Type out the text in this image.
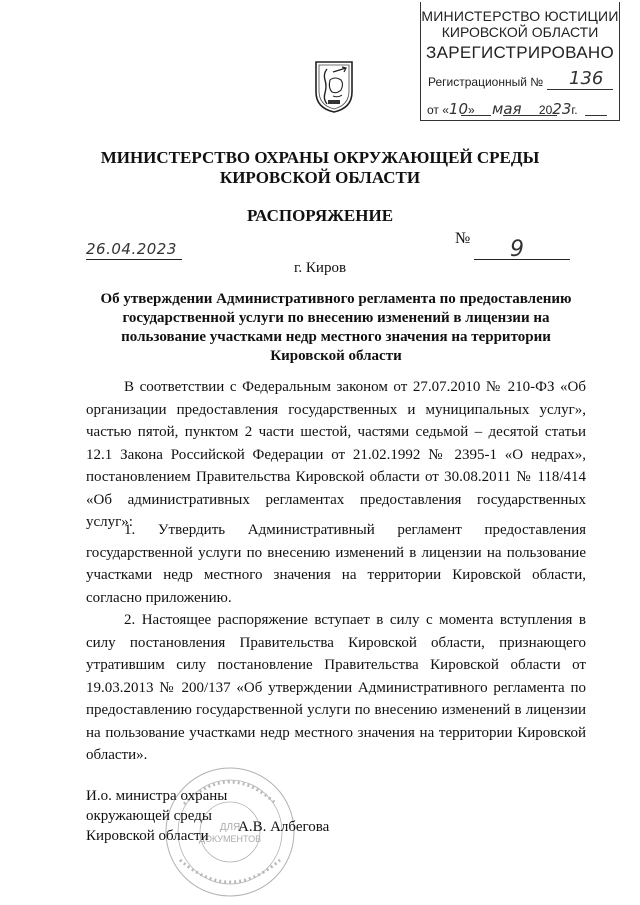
МИНИСТЕРСТВО ЮСТИЦИИ
КИРОВСКОЙ ОБЛАСТИ
ЗАРЕГИСТРИРОВАНО
Регистрационный № 136
от «10» мая 2023г.
МИНИСТЕРСТВО ОХРАНЫ ОКРУЖАЮЩЕЙ СРЕДЫ
КИРОВСКОЙ ОБЛАСТИ
РАСПОРЯЖЕНИЕ
26.04.2023
№ 9
г. Киров
Об утверждении Административного регламента по предоставлению государственной услуги по внесению изменений в лицензии на пользование участками недр местного значения на территории Кировской области
В соответствии с Федеральным законом от 27.07.2010 № 210-ФЗ «Об организации предоставления государственных и муниципальных услуг», частью пятой, пунктом 2 части шестой, частями седьмой – десятой статьи 12.1 Закона Российской Федерации от 21.02.1992 № 2395-1 «О недрах», постановлением Правительства Кировской области от 30.08.2011 № 118/414 «Об административных регламентах предоставления государственных услуг»:
1. Утвердить Административный регламент предоставления государственной услуги по внесению изменений в лицензии на пользование участками недр местного значения на территории Кировской области, согласно приложению.
2. Настоящее распоряжение вступает в силу с момента вступления в силу постановления Правительства Кировской области, признающего утратившим силу постановление Правительства Кировской области от 19.03.2013 № 200/137 «Об утверждении Административного регламента по предоставлению государственной услуги по внесению изменений в лицензии на пользование участками недр местного значения на территории Кировской области».
ДЛЯ
ДОКУМЕНТОВ
И.о. министра охраны
окружающей среды
Кировской области
А.В. Албегова
